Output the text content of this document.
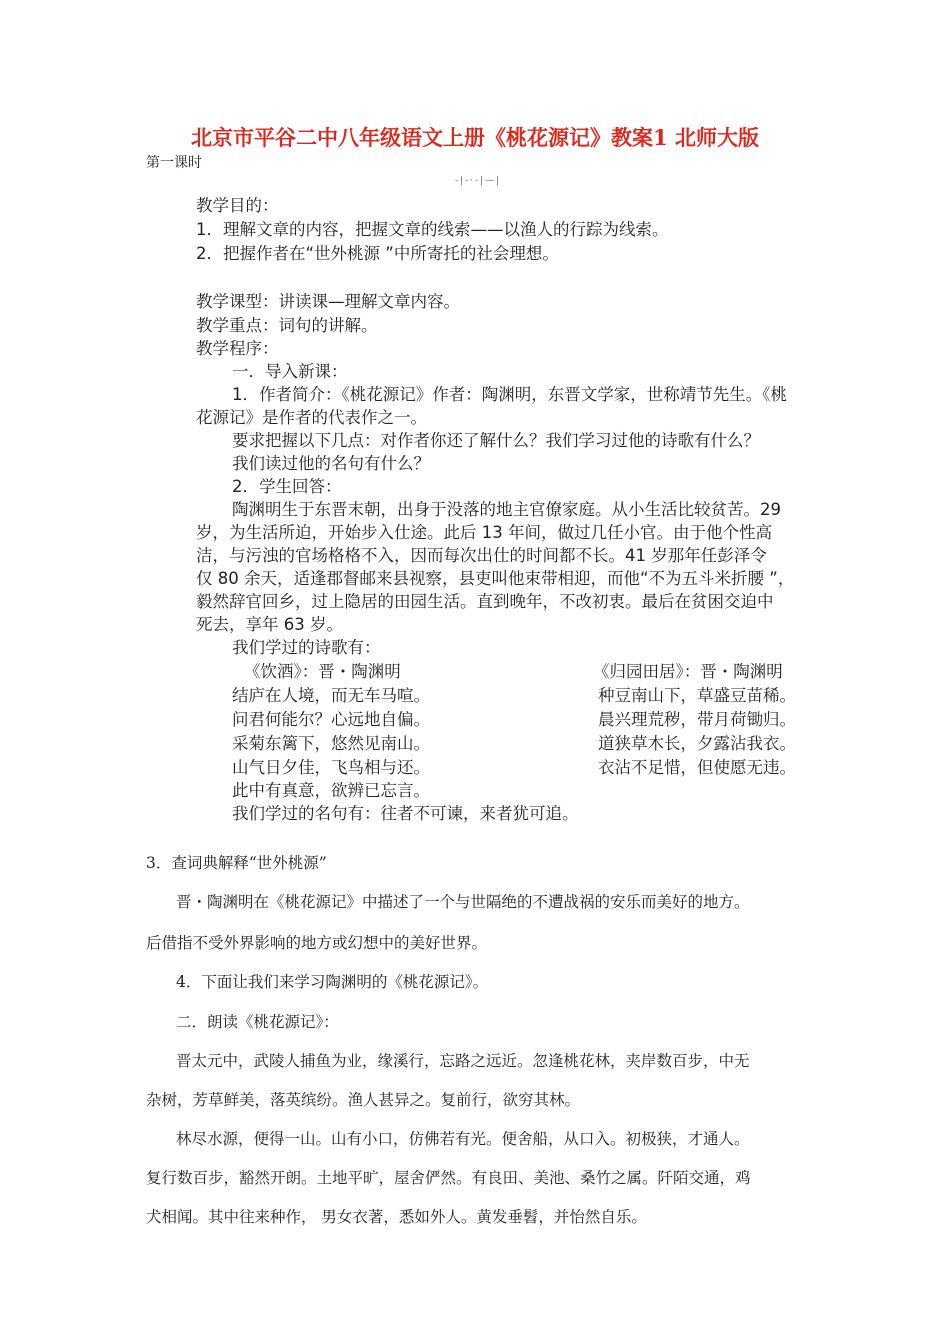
北京市平谷二中八年级语文上册《桃花源记》教案1 北师大版
第一课时
-|-·-|—|
教学目的：
1．理解文章的内容，把握文章的线索——以渔人的行踪为线索。
2．把握作者在“世外桃源 ”中所寄托的社会理想。
教学课型：讲读课—理解文章内容。
教学重点：词句的讲解。
教学程序：
一．导入新课：
1．作者简介：《桃花源记》作者：陶渊明，东晋文学家，世称靖节先生。《桃
花源记》是作者的代表作之一。
要求把握以下几点：对作者你还了解什么？我们学习过他的诗歌有什么？
我们读过他的名句有什么？
2．学生回答：
陶渊明生于东晋末朝，出身于没落的地主官僚家庭。从小生活比较贫苦。29
岁，为生活所迫，开始步入仕途。此后 13 年间，做过几任小官。由于他个性高
洁，与污浊的官场格格不入，因而每次出仕的时间都不长。41 岁那年任彭泽令
仅 80 余天，适逢郡督邮来县视察，县吏叫他束带相迎，而他“不为五斗米折腰 ”，
毅然辞官回乡，过上隐居的田园生活。直到晚年，不改初衷。最后在贫困交迫中
死去，享年 63 岁。
我们学过的诗歌有：
《饮酒》：晋・陶渊明
结庐在人境，而无车马喧。
问君何能尔？心远地自偏。
采菊东篱下，悠然见南山。
山气日夕佳，飞鸟相与还。
此中有真意，欲辨已忘言。
《归园田居》：晋・陶渊明
种豆南山下，草盛豆苗稀。
晨兴理荒秽，带月荷锄归。
道狭草木长，夕露沾我衣。
衣沾不足惜，但使愿无违。
我们学过的名句有：往者不可谏，来者犹可追。
3．查词典解释“世外桃源”
晋・陶渊明在《桃花源记》中描述了一个与世隔绝的不遭战祸的安乐而美好的地方。
后借指不受外界影响的地方或幻想中的美好世界。
4．下面让我们来学习陶渊明的《桃花源记》。
二．朗读《桃花源记》：
晋太元中，武陵人捕鱼为业，缘溪行，忘路之远近。忽逢桃花林，夹岸数百步，中无
杂树，芳草鲜美，落英缤纷。渔人甚异之。复前行，欲穷其林。
林尽水源，便得一山。山有小口，仿佛若有光。便舍船，从口入。初极狭，才通人。
复行数百步，豁然开朗。土地平旷，屋舍俨然。有良田、美池、桑竹之属。阡陌交通，鸡
犬相闻。其中往来种作， 男女衣著，悉如外人。黄发垂髫，并怡然自乐。
